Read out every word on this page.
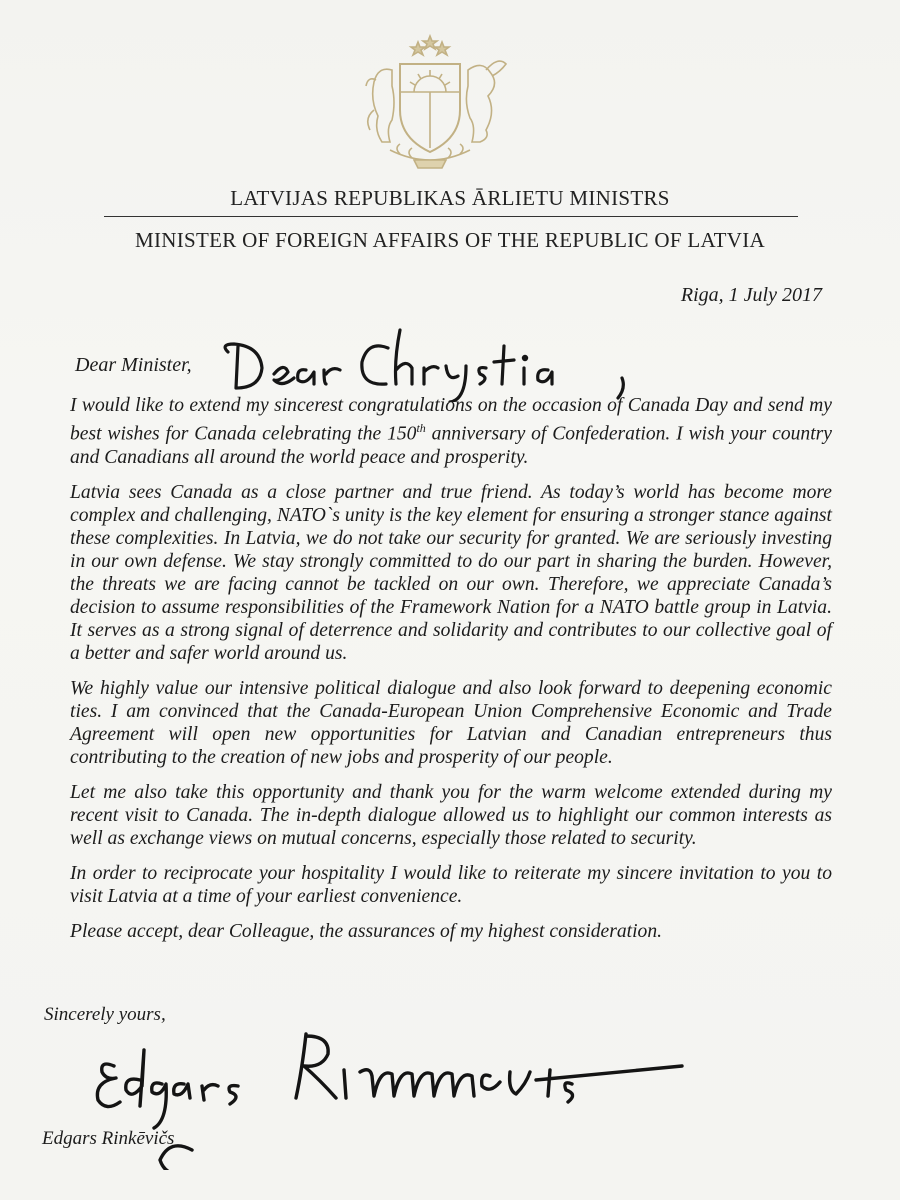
LATVIJAS REPUBLIKAS ĀRLIETU MINISTRS
MINISTER OF FOREIGN AFFAIRS OF THE REPUBLIC OF LATVIA
Riga, 1 July 2017
Dear Minister,

I would like to extend my sincerest congratulations on the occasion of Canada Day and send my best wishes for Canada celebrating the 150th anniversary of Confederation. I wish your country and Canadians all around the world peace and prosperity.

Latvia sees Canada as a close partner and true friend. As today’s world has become more complex and challenging, NATO`s unity is the key element for ensuring a stronger stance against these complexities. In Latvia, we do not take our security for granted. We are seriously investing in our own defense. We stay strongly committed to do our part in sharing the burden. However, the threats we are facing cannot be tackled on our own. Therefore, we appreciate Canada’s decision to assume responsibilities of the Framework Nation for a NATO battle group in Latvia. It serves as a strong signal of deterrence and solidarity and contributes to our collective goal of a better and safer world around us.

We highly value our intensive political dialogue and also look forward to deepening economic ties. I am convinced that the Canada-European Union Comprehensive Economic and Trade Agreement will open new opportunities for Latvian and Canadian entrepreneurs thus contributing to the creation of new jobs and prosperity of our people.

Let me also take this opportunity and thank you for the warm welcome extended during my recent visit to Canada. The in-depth dialogue allowed us to highlight our common interests as well as exchange views on mutual concerns, especially those related to security.

In order to reciprocate your hospitality I would like to reiterate my sincere invitation to you to visit Latvia at a time of your earliest convenience.

Please accept, dear Colleague, the assurances of my highest consideration.

Sincerely yours,
Edgars Rinkēvičs
